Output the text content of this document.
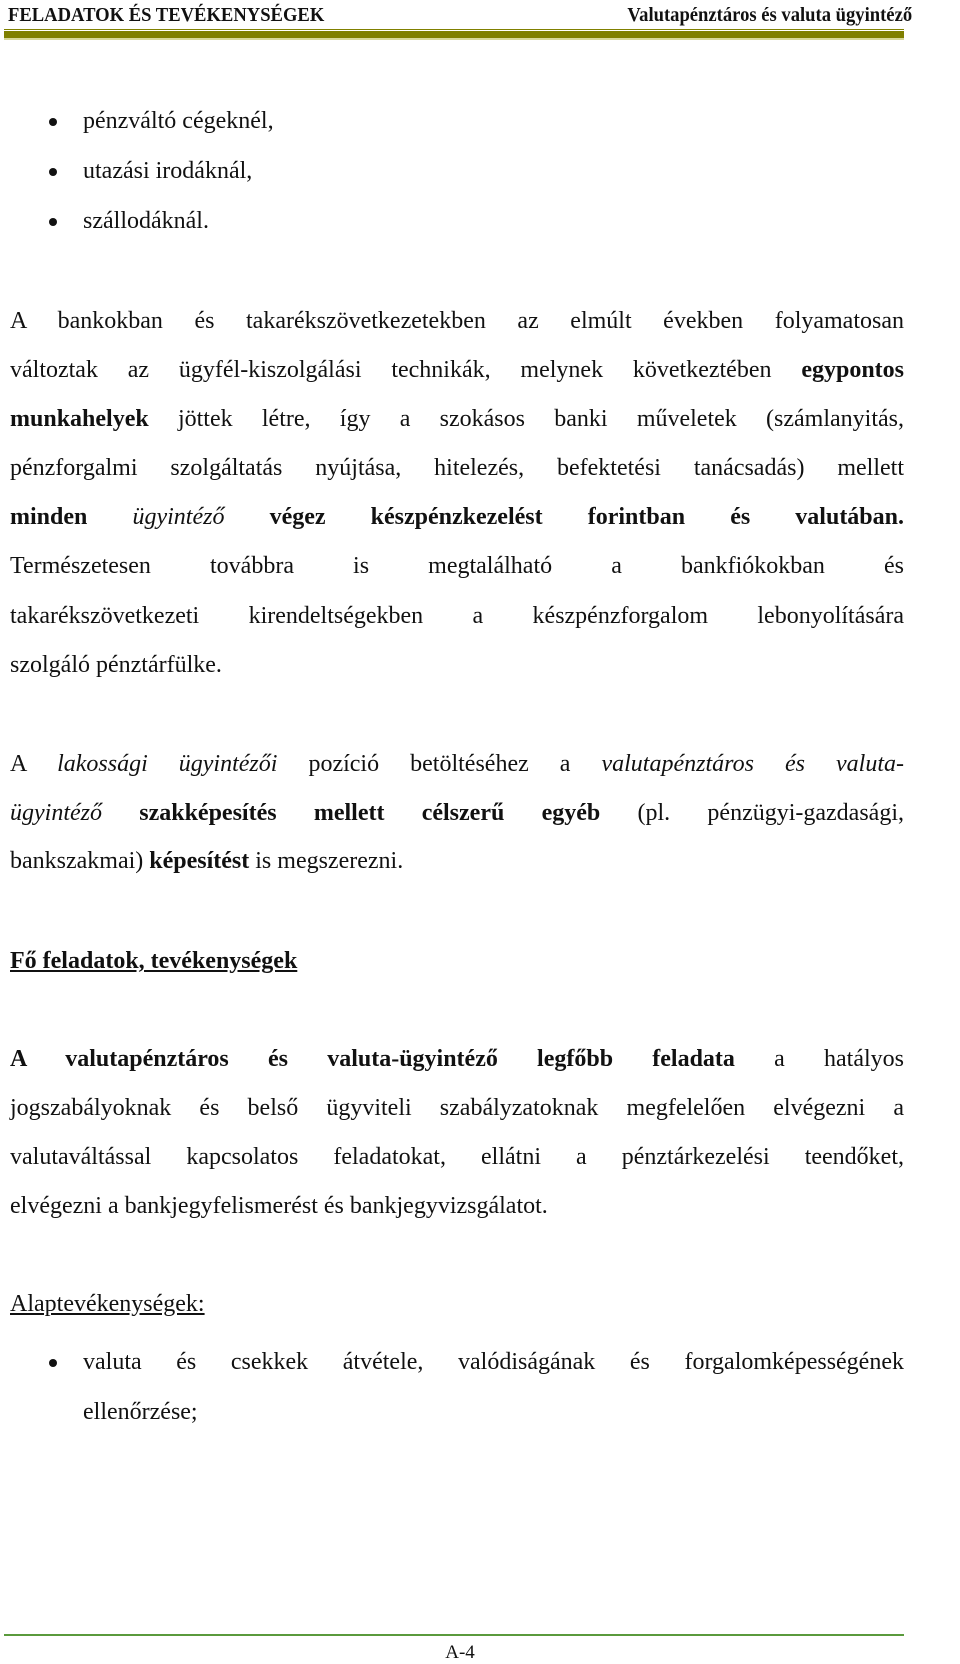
FELADATOK ÉS TEVÉKENYSÉGEK	Valutapénztáros és valuta ügyintéző
pénzváltó cégeknél,
utazási irodáknál,
szállodáknál.
A bankokban és takarékszövetkezetekben az elmúlt években folyamatosan
változtak az ügyfél-kiszolgálási technikák, melynek következtében egypontos
munkahelyek jöttek létre, így a szokásos banki műveletek (számlanyitás,
pénzforgalmi szolgáltatás nyújtása, hitelezés, befektetési tanácsadás) mellett
minden ügyintéző végez készpénzkezelést forintban és valutában.
Természetesen továbbra is megtalálható a bankfiókokban és
takarékszövetkezeti kirendeltségekben a készpénzforgalom lebonyolítására
szolgáló pénztárfülke.
A lakossági ügyintézői pozíció betöltéséhez a valutapénztáros és valuta-
ügyintéző szakképesítés mellett célszerű egyéb (pl. pénzügyi-gazdasági,
bankszakmai) képesítést is megszerezni.
Fő feladatok, tevékenységek
A valutapénztáros és valuta-ügyintéző legfőbb feladata a hatályos
jogszabályoknak és belső ügyviteli szabályzatoknak megfelelően elvégezni a
valutaváltással kapcsolatos feladatokat, ellátni a pénztárkezelési teendőket,
elvégezni a bankjegyfelismerést és bankjegyvizsgálatot.
Alaptevékenységek:
valuta és csekkek átvétele, valódiságának és forgalomképességének
ellenőrzése;
A-4
